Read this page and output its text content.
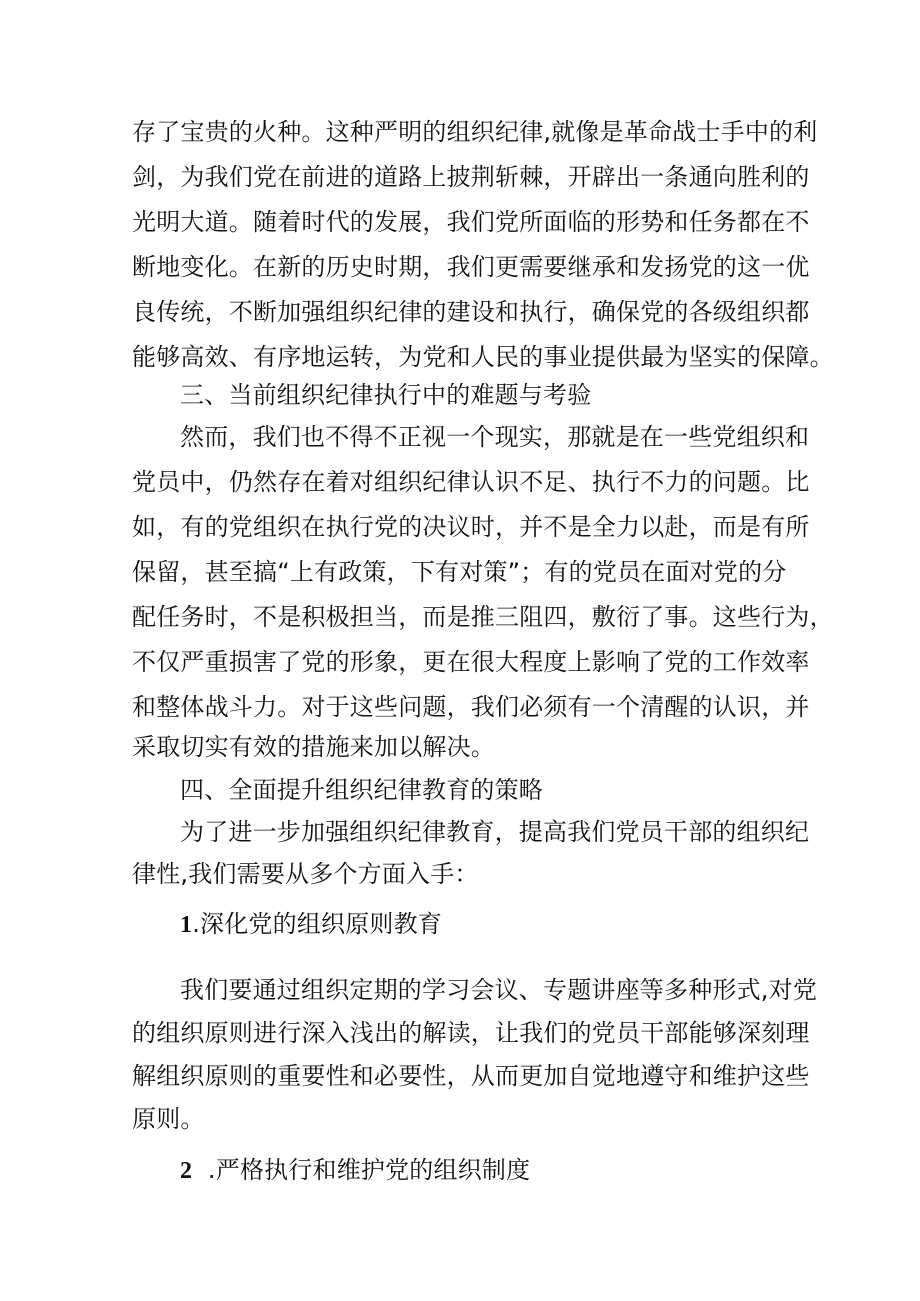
存了宝贵的火种。这种严明的组织纪律,就像是革命战士手中的利
剑，为我们党在前进的道路上披荆斩棘，开辟出一条通向胜利的
光明大道。随着时代的发展，我们党所面临的形势和任务都在不
断地变化。在新的历史时期，我们更需要继承和发扬党的这一优
良传统，不断加强组织纪律的建设和执行，确保党的各级组织都
能够高效、有序地运转，为党和人民的事业提供最为坚实的保障。
三、当前组织纪律执行中的难题与考验
然而，我们也不得不正视一个现实，那就是在一些党组织和
党员中，仍然存在着对组织纪律认识不足、执行不力的问题。比
如，有的党组织在执行党的决议时，并不是全力以赴，而是有所
保留，甚至搞“上有政策，下有对策”；有的党员在面对党的分
配任务时，不是积极担当，而是推三阻四，敷衍了事。这些行为，
不仅严重损害了党的形象，更在很大程度上影响了党的工作效率
和整体战斗力。对于这些问题，我们必须有一个清醒的认识，并
采取切实有效的措施来加以解决。
四、全面提升组织纪律教育的策略
为了进一步加强组织纪律教育，提高我们党员干部的组织纪
律性,我们需要从多个方面入手：
1.深化党的组织原则教育
我们要通过组织定期的学习会议、专题讲座等多种形式,对党
的组织原则进行深入浅出的解读，让我们的党员干部能够深刻理
解组织原则的重要性和必要性，从而更加自觉地遵守和维护这些
原则。
2 .严格执行和维护党的组织制度
